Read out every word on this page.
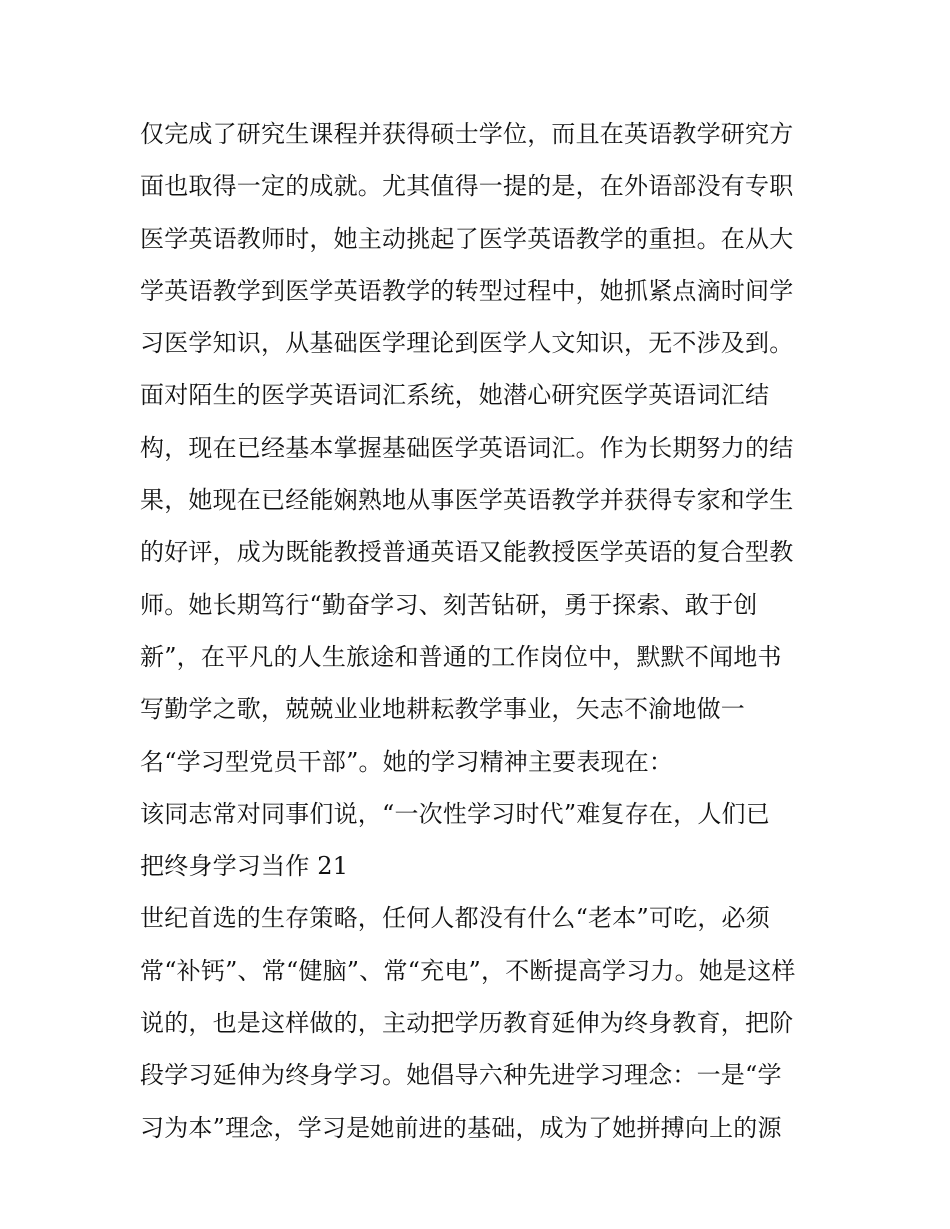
仅完成了研究生课程并获得硕士学位，而且在英语教学研究方
面也取得一定的成就。尤其值得一提的是，在外语部没有专职
医学英语教师时，她主动挑起了医学英语教学的重担。在从大
学英语教学到医学英语教学的转型过程中，她抓紧点滴时间学
习医学知识，从基础医学理论到医学人文知识，无不涉及到。
面对陌生的医学英语词汇系统，她潜心研究医学英语词汇结
构，现在已经基本掌握基础医学英语词汇。作为长期努力的结
果，她现在已经能娴熟地从事医学英语教学并获得专家和学生
的好评，成为既能教授普通英语又能教授医学英语的复合型教
师。她长期笃行“勤奋学习、刻苦钻研，勇于探索、敢于创
新”，在平凡的人生旅途和普通的工作岗位中，默默不闻地书
写勤学之歌，兢兢业业地耕耘教学事业，矢志不渝地做一
名“学习型党员干部”。她的学习精神主要表现在：
该同志常对同事们说，“一次性学习时代”难复存在，人们已
把终身学习当作 21
世纪首选的生存策略，任何人都没有什么“老本”可吃，必须
常“补钙”、常“健脑”、常“充电”，不断提高学习力。她是这样
说的，也是这样做的，主动把学历教育延伸为终身教育，把阶
段学习延伸为终身学习。她倡导六种先进学习理念：一是“学
习为本”理念，学习是她前进的基础，成为了她拼搏向上的源
